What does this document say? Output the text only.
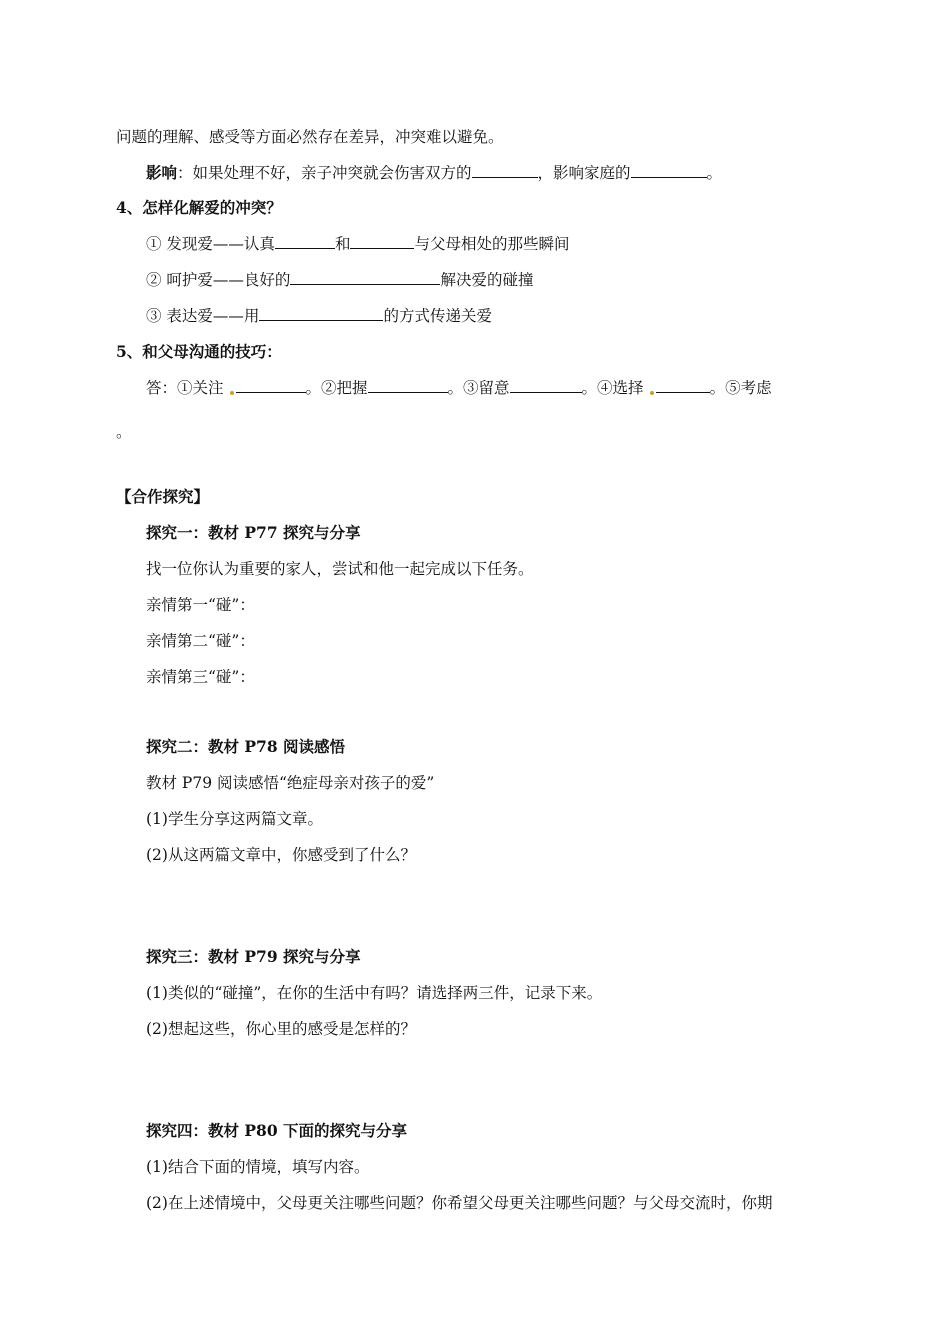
问题的理解、感受等方面必然存在差异，冲突难以避免。
影响：如果处理不好，亲子冲突就会伤害双方的	，影响家庭的	。
4、怎样化解爱的冲突？
① 发现爱——认真	和	与父母相处的那些瞬间
② 呵护爱——良好的	解决爱的碰撞
③ 表达爱——用	的方式传递关爱
5、和父母沟通的技巧：
答：①关注	。②把握	。③留意	。④选择	。⑤考虑
。
【合作探究】
探究一：教材 P77 探究与分享
找一位你认为重要的家人，尝试和他一起完成以下任务。
亲情第一“碰”：
亲情第二“碰”：
亲情第三“碰”：
探究二：教材 P78 阅读感悟
教材 P79 阅读感悟“绝症母亲对孩子的爱”
(1)学生分享这两篇文章。
(2)从这两篇文章中，你感受到了什么？
探究三：教材 P79 探究与分享
(1)类似的“碰撞”，在你的生活中有吗？请选择两三件，记录下来。
(2)想起这些，你心里的感受是怎样的？
探究四：教材 P80 下面的探究与分享
(1)结合下面的情境，填写内容。
(2)在上述情境中，父母更关注哪些问题？你希望父母更关注哪些问题？与父母交流时，你期
